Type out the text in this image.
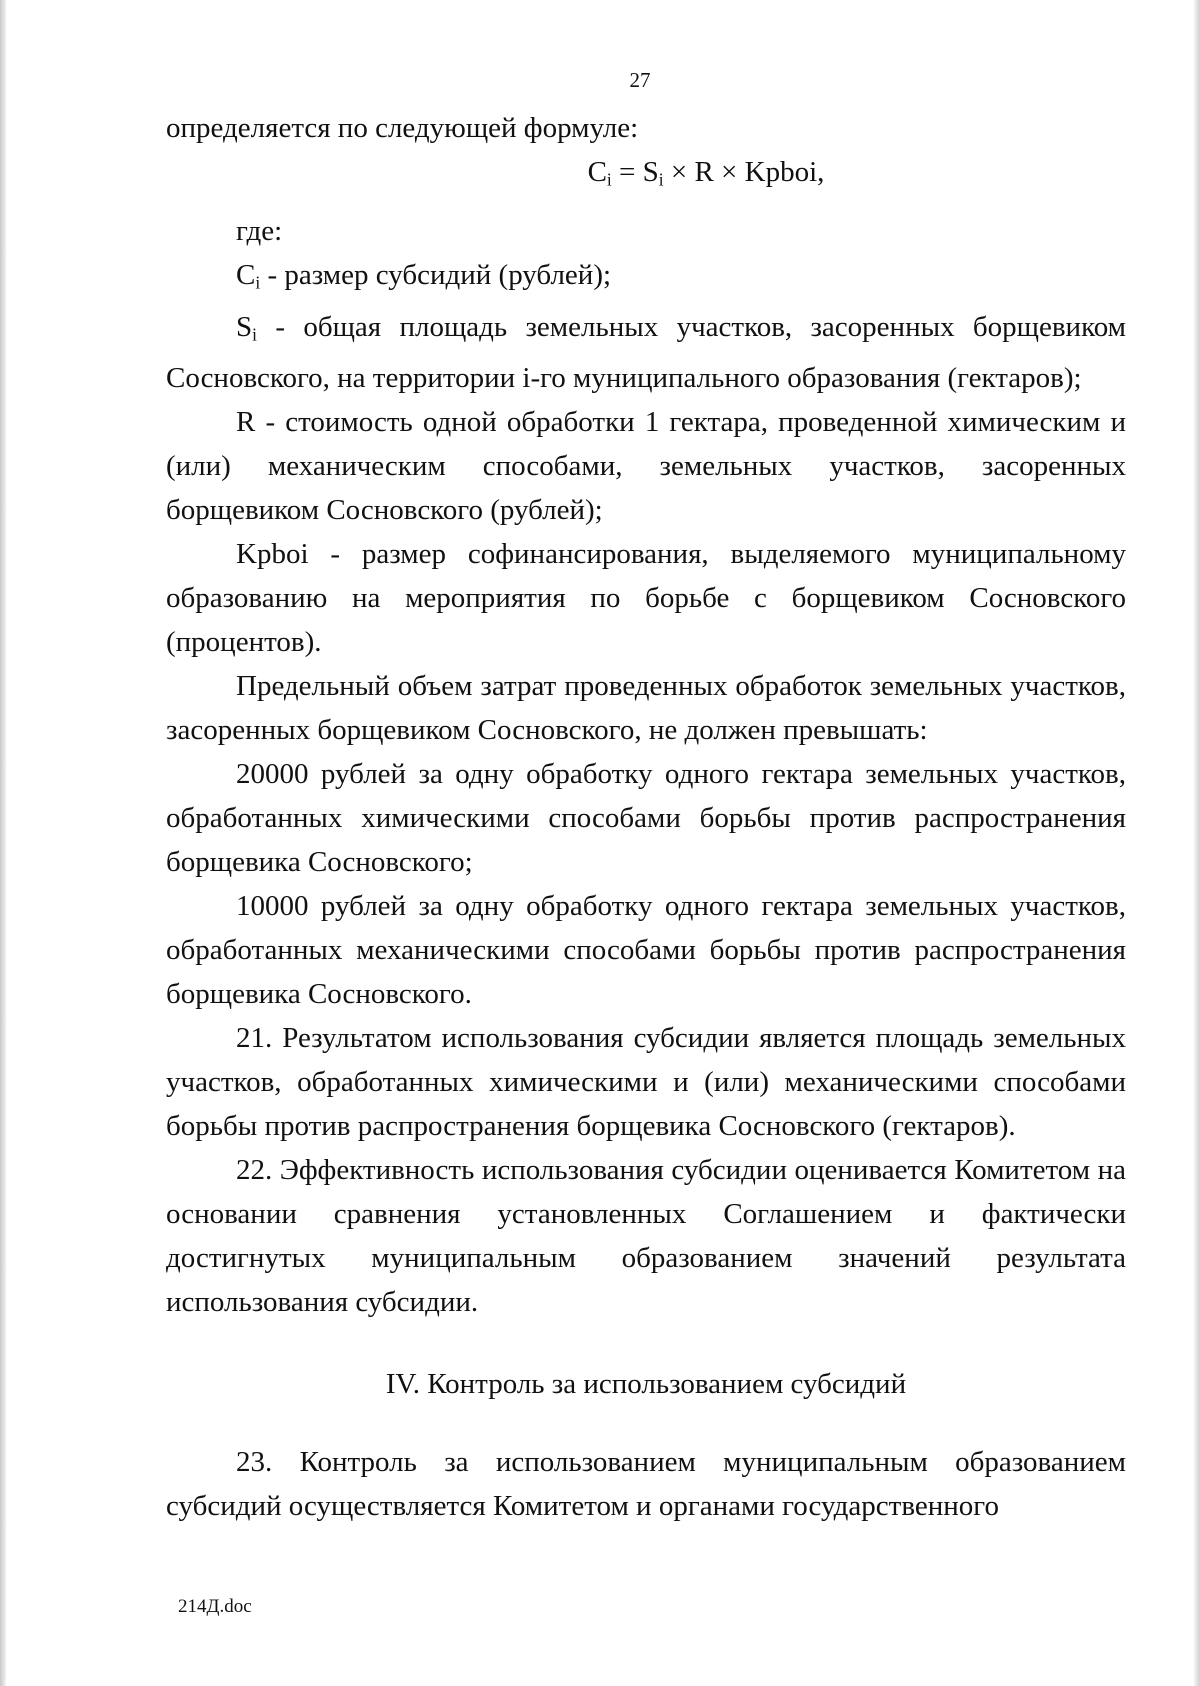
27

определяется по следующей формуле:

$C_i = S_i \times R$ × Kpboi,

где:

$C_i$ - размер субсидий (рублей);

$S_i$ - общая площадь земельных участков, засоренных борщевиком Сосновского, на территории i-го муниципального образования (гектаров);

R - стоимость одной обработки 1 гектара, проведенной химическим и (или) механическим способами, земельных участков, засоренных борщевиком Сосновского (рублей);

Kpboi - размер софинансирования, выделяемого муниципальному образованию на мероприятия по борьбе с борщевиком Сосновского (процентов).

Предельный объем затрат проведенных обработок земельных участков, засоренных борщевиком Сосновского, не должен превышать:

20000 рублей за одну обработку одного гектара земельных участков, обработанных химическими способами борьбы против распространения борщевика Сосновского;

10000 рублей за одну обработку одного гектара земельных участков, обработанных механическими способами борьбы против распространения борщевика Сосновского.

21. Результатом использования субсидии является площадь земельных участков, обработанных химическими и (или) механическими способами борьбы против распространения борщевика Сосновского (гектаров).

22. Эффективность использования субсидии оценивается Комитетом на основании сравнения установленных Соглашением и фактически достигнутых муниципальным образованием значений результата использования субсидии.

IV. Контроль за использованием субсидий

23. Контроль за использованием муниципальным образованием субсидий осуществляется Комитетом и органами государственного

214Д.doc
